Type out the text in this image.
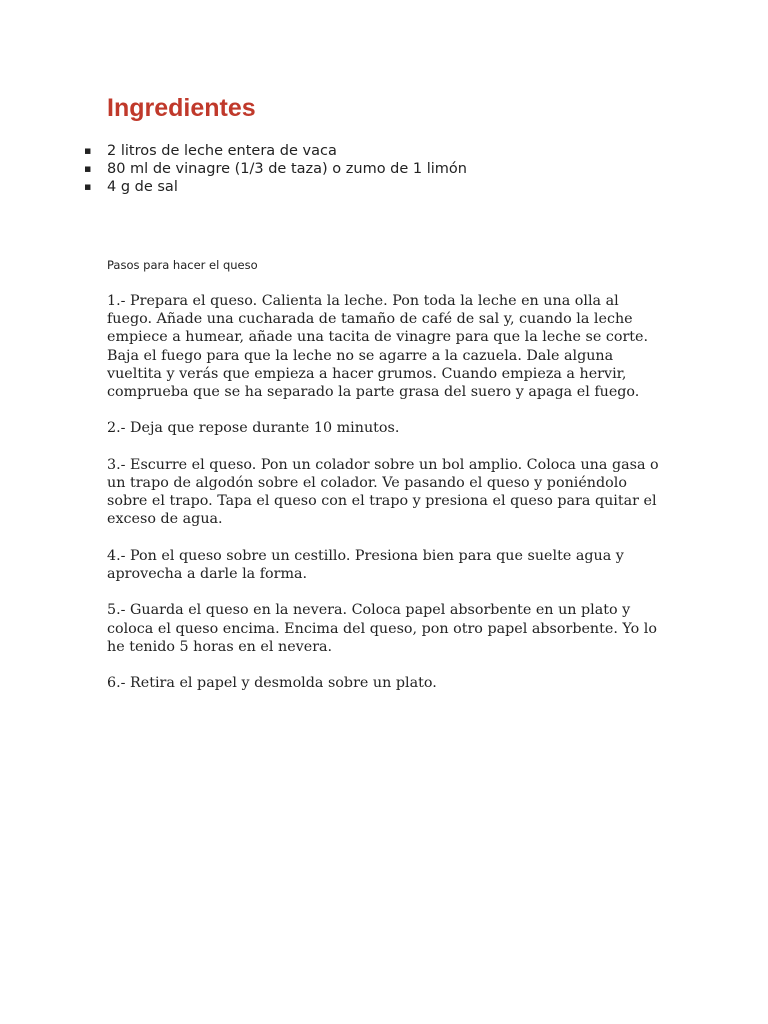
Ingredientes
▪ 2 litros de leche entera de vaca
▪ 80 ml de vinagre (1/3 de taza) o zumo de 1 limón
▪ 4 g de sal

Pasos para hacer el queso

1.- Prepara el queso. Calienta la leche. Pon toda la leche en una olla al fuego. Añade una cucharada de tamaño de café de sal y, cuando la leche empiece a humear, añade una tacita de vinagre para que la leche se corte. Baja el fuego para que la leche no se agarre a la cazuela. Dale alguna vueltita y verás que empieza a hacer grumos. Cuando empieza a hervir, comprueba que se ha separado la parte grasa del suero y apaga el fuego.

2.- Deja que repose durante 10 minutos.

3.- Escurre el queso. Pon un colador sobre un bol amplio. Coloca una gasa o un trapo de algodón sobre el colador. Ve pasando el queso y poniéndolo sobre el trapo. Tapa el queso con el trapo y presiona el queso para quitar el exceso de agua.

4.- Pon el queso sobre un cestillo. Presiona bien para que suelte agua y aprovecha a darle la forma.

5.- Guarda el queso en la nevera. Coloca papel absorbente en un plato y coloca el queso encima. Encima del queso, pon otro papel absorbente. Yo lo he tenido 5 horas en el nevera.

6.- Retira el papel y desmolda sobre un plato.
